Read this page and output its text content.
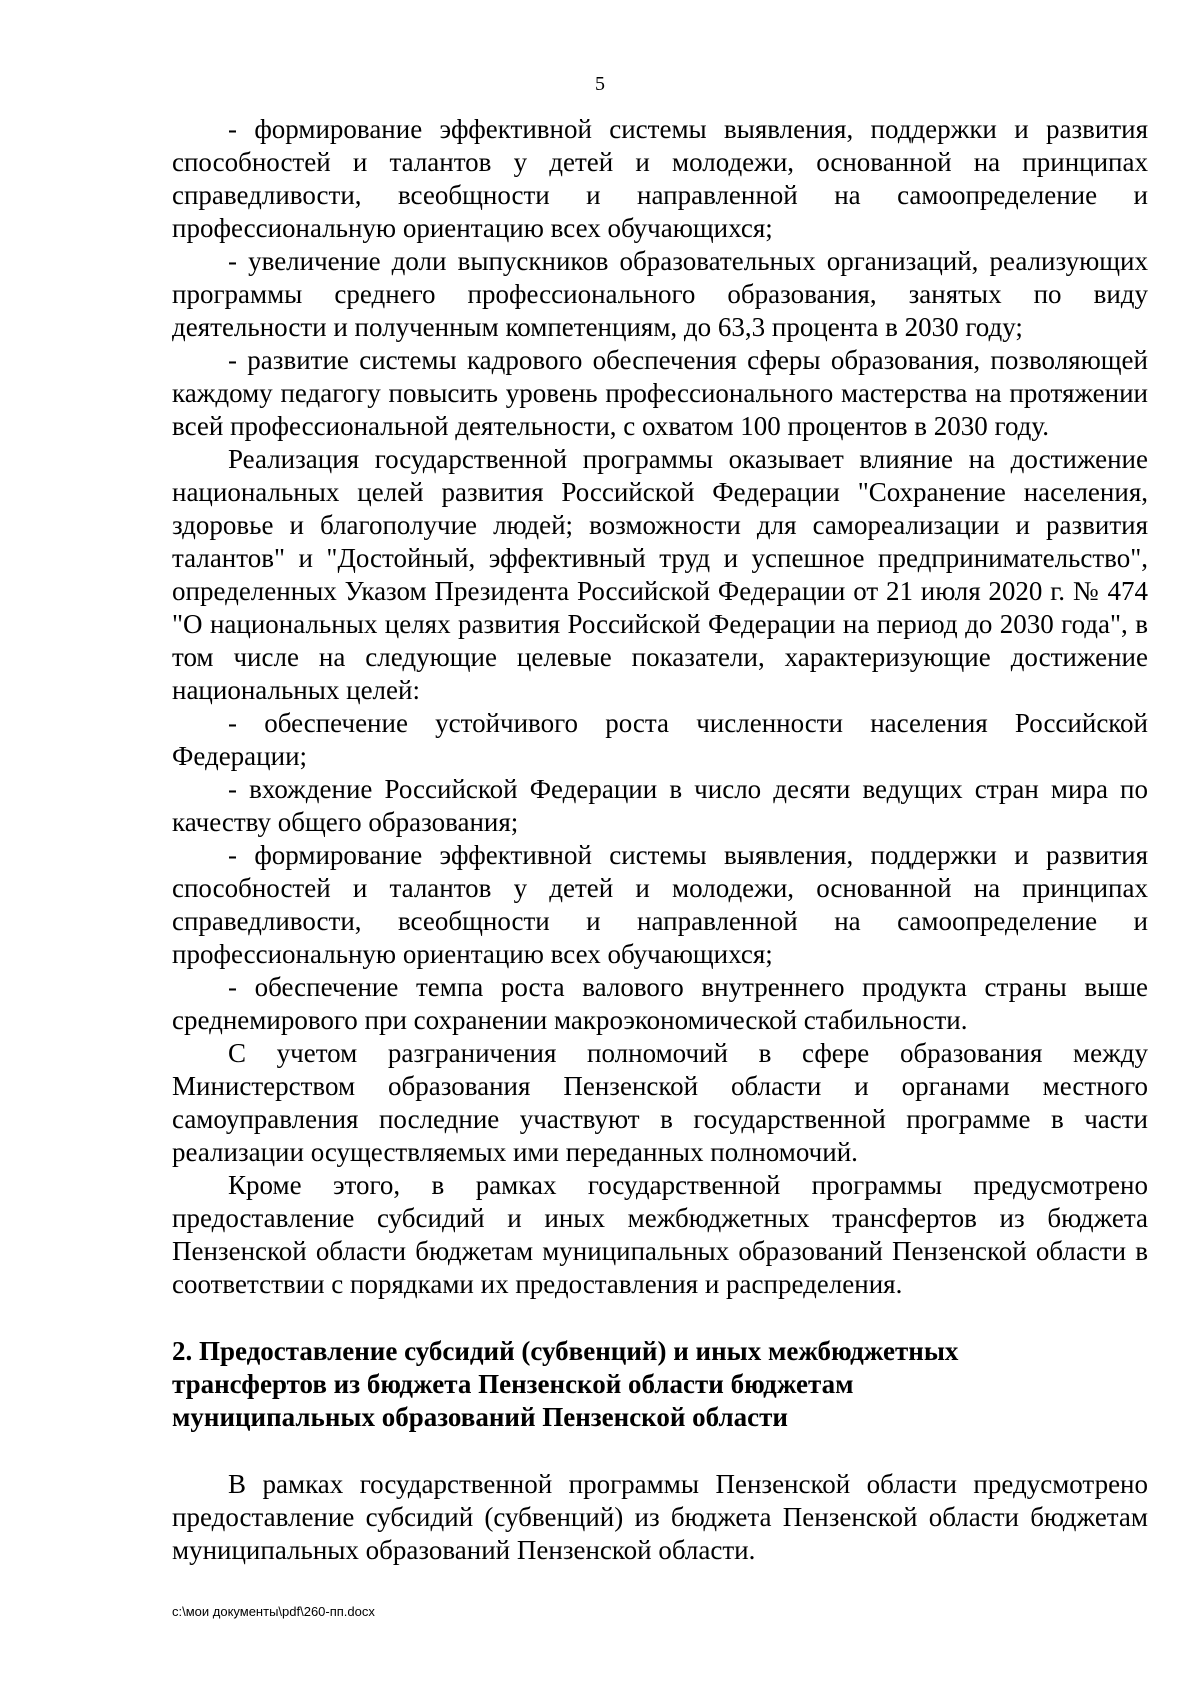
5

- формирование эффективной системы выявления, поддержки и развития способностей и талантов у детей и молодежи, основанной на принципах справедливости, всеобщности и направленной на самоопределение и профессиональную ориентацию всех обучающихся;

- увеличение доли выпускников образовательных организаций, реализующих программы среднего профессионального образования, занятых по виду деятельности и полученным компетенциям, до 63,3 процента в 2030 году;

- развитие системы кадрового обеспечения сферы образования, позволяющей каждому педагогу повысить уровень профессионального мастерства на протяжении всей профессиональной деятельности, с охватом 100 процентов в 2030 году.

Реализация государственной программы оказывает влияние на достижение национальных целей развития Российской Федерации "Сохранение населения, здоровье и благополучие людей; возможности для самореализации и развития талантов" и "Достойный, эффективный труд и успешное предпринимательство", определенных Указом Президента Российской Федерации от 21 июля 2020 г. № 474 "О национальных целях развития Российской Федерации на период до 2030 года", в том числе на следующие целевые показатели, характеризующие достижение национальных целей:

- обеспечение устойчивого роста численности населения Российской Федерации;

- вхождение Российской Федерации в число десяти ведущих стран мира по качеству общего образования;

- формирование эффективной системы выявления, поддержки и развития способностей и талантов у детей и молодежи, основанной на принципах справедливости, всеобщности и направленной на самоопределение и профессиональную ориентацию всех обучающихся;

- обеспечение темпа роста валового внутреннего продукта страны выше среднемирового при сохранении макроэкономической стабильности.

С учетом разграничения полномочий в сфере образования между Министерством образования Пензенской области и органами местного самоуправления последние участвуют в государственной программе в части реализации осуществляемых ими переданных полномочий.

Кроме этого, в рамках государственной программы предусмотрено предоставление субсидий и иных межбюджетных трансфертов из бюджета Пензенской области бюджетам муниципальных образований Пензенской области в соответствии с порядками их предоставления и распределения.

2. Предоставление субсидий (субвенций) и иных межбюджетных
трансфертов из бюджета Пензенской области бюджетам
муниципальных образований Пензенской области

В рамках государственной программы Пензенской области предусмотрено предоставление субсидий (субвенций) из бюджета Пензенской области бюджетам муниципальных образований Пензенской области.

c:\мои документы\pdf\260-пп.docx
